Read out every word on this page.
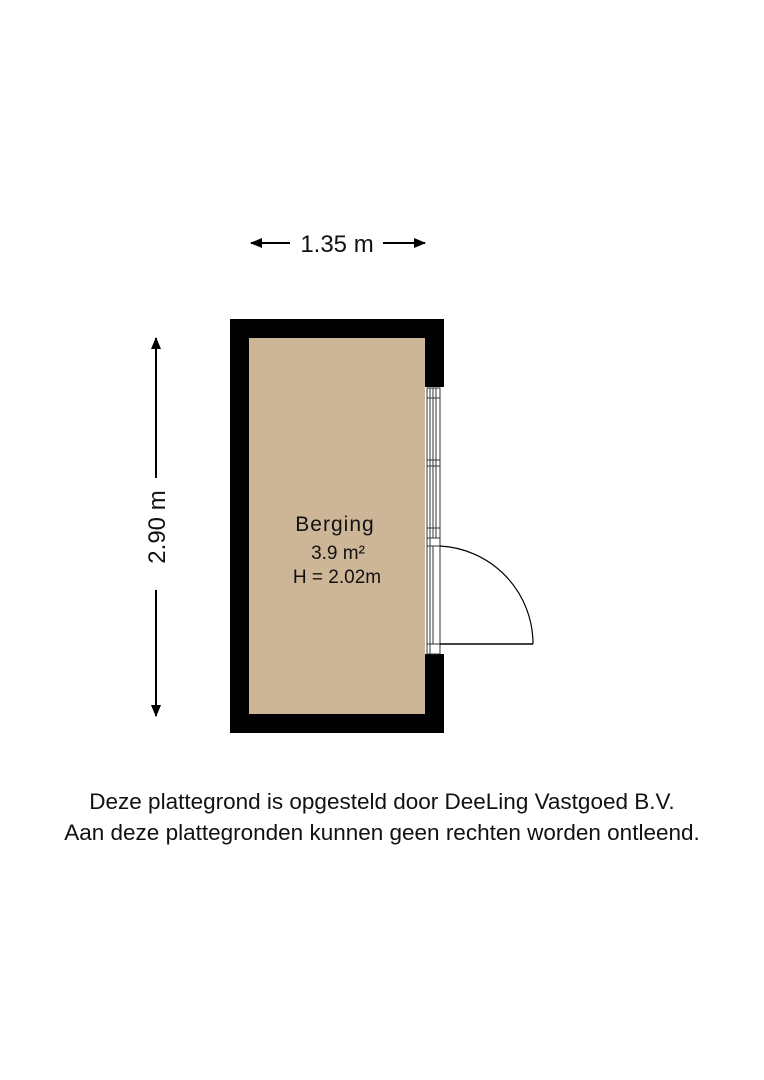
1.35 m
2.90 m	Berging
3.9 m²
H = 2.02m
Deze plattegrond is opgesteld door DeeLing Vastgoed B.V.
Aan deze plattegronden kunnen geen rechten worden ontleend.
